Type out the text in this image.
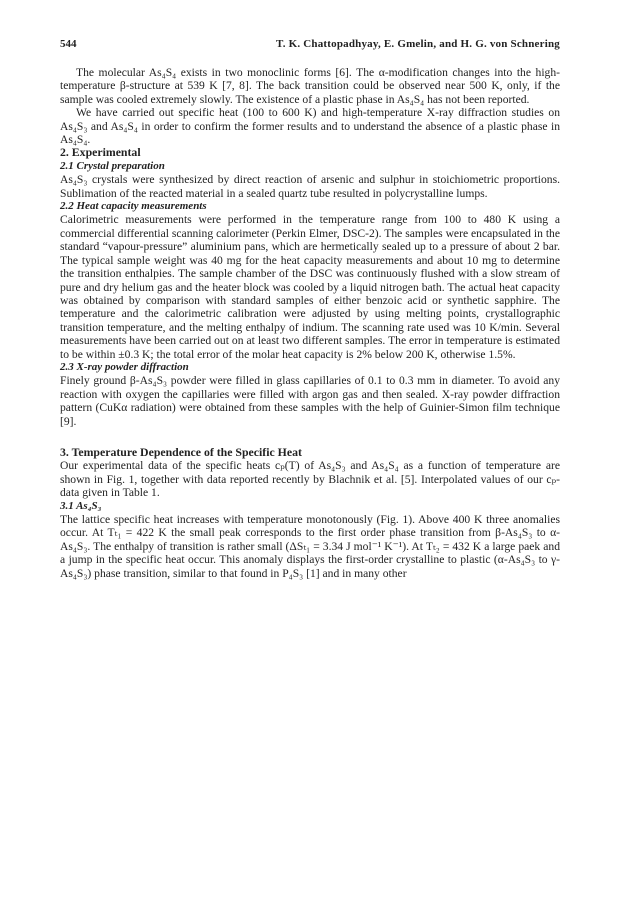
544	T. K. Chattopadhyay, E. Gmelin, and H. G. von Schnering

The molecular As₄S₄ exists in two monoclinic forms [6]. The α-modification changes into the high-temperature β-structure at 539 K [7, 8]. The back transition could be observed near 500 K, only, if the sample was cooled extremely slowly. The existence of a plastic phase in As₄S₄ has not been reported.

We have carried out specific heat (100 to 600 K) and high-temperature X-ray diffraction studies on As₄S₃ and As₄S₄ in order to confirm the former results and to understand the absence of a plastic phase in As₄S₄.

2. Experimental

2.1 Crystal preparation

As₄S₃ crystals were synthesized by direct reaction of arsenic and sulphur in stoichiometric proportions. Sublimation of the reacted material in a sealed quartz tube resulted in polycrystalline lumps.

2.2 Heat capacity measurements

Calorimetric measurements were performed in the temperature range from 100 to 480 K using a commercial differential scanning calorimeter (Perkin Elmer, DSC-2). The samples were encapsulated in the standard “vapour-pressure” aluminium pans, which are hermetically sealed up to a pressure of about 2 bar. The typical sample weight was 40 mg for the heat capacity measurements and about 10 mg to determine the transition enthalpies. The sample chamber of the DSC was continuously flushed with a slow stream of pure and dry helium gas and the heater block was cooled by a liquid nitrogen bath. The actual heat capacity was obtained by comparison with standard samples of either benzoic acid or synthetic sapphire. The temperature and the calorimetric calibration were adjusted by using melting points, crystallographic transition temperature, and the melting enthalpy of indium. The scanning rate used was 10 K/min. Several measurements have been carried out on at least two different samples. The error in temperature is estimated to be within ±0.3 K; the total error of the molar heat capacity is 2% below 200 K, otherwise 1.5%.

2.3 X-ray powder diffraction

Finely ground β-As₄S₃ powder were filled in glass capillaries of 0.1 to 0.3 mm in diameter. To avoid any reaction with oxygen the capillaries were filled with argon gas and then sealed. X-ray powder diffraction pattern (CuKα radiation) were obtained from these samples with the help of Guinier-Simon film technique [9].

3. Temperature Dependence of the Specific Heat

Our experimental data of the specific heats cₚ(T) of As₄S₃ and As₄S₄ as a function of temperature are shown in Fig. 1, together with data reported recently by Blachnik et al. [5]. Interpolated values of our cₚ-data given in Table 1.

3.1 As₄S₃

The lattice specific heat increases with temperature monotonously (Fig. 1). Above 400 K three anomalies occur. At Tₜ₁ = 422 K the small peak corresponds to the first order phase transition from β-As₄S₃ to α-As₄S₃. The enthalpy of transition is rather small (ΔSₜ₁ = 3.34 J mol⁻¹ K⁻¹). At Tₜ₂ = 432 K a large paek and a jump in the specific heat occur. This anomaly displays the first-order crystalline to plastic (α-As₄S₃ to γ-As₄S₃) phase transition, similar to that found in P₄S₃ [1] and in many other
